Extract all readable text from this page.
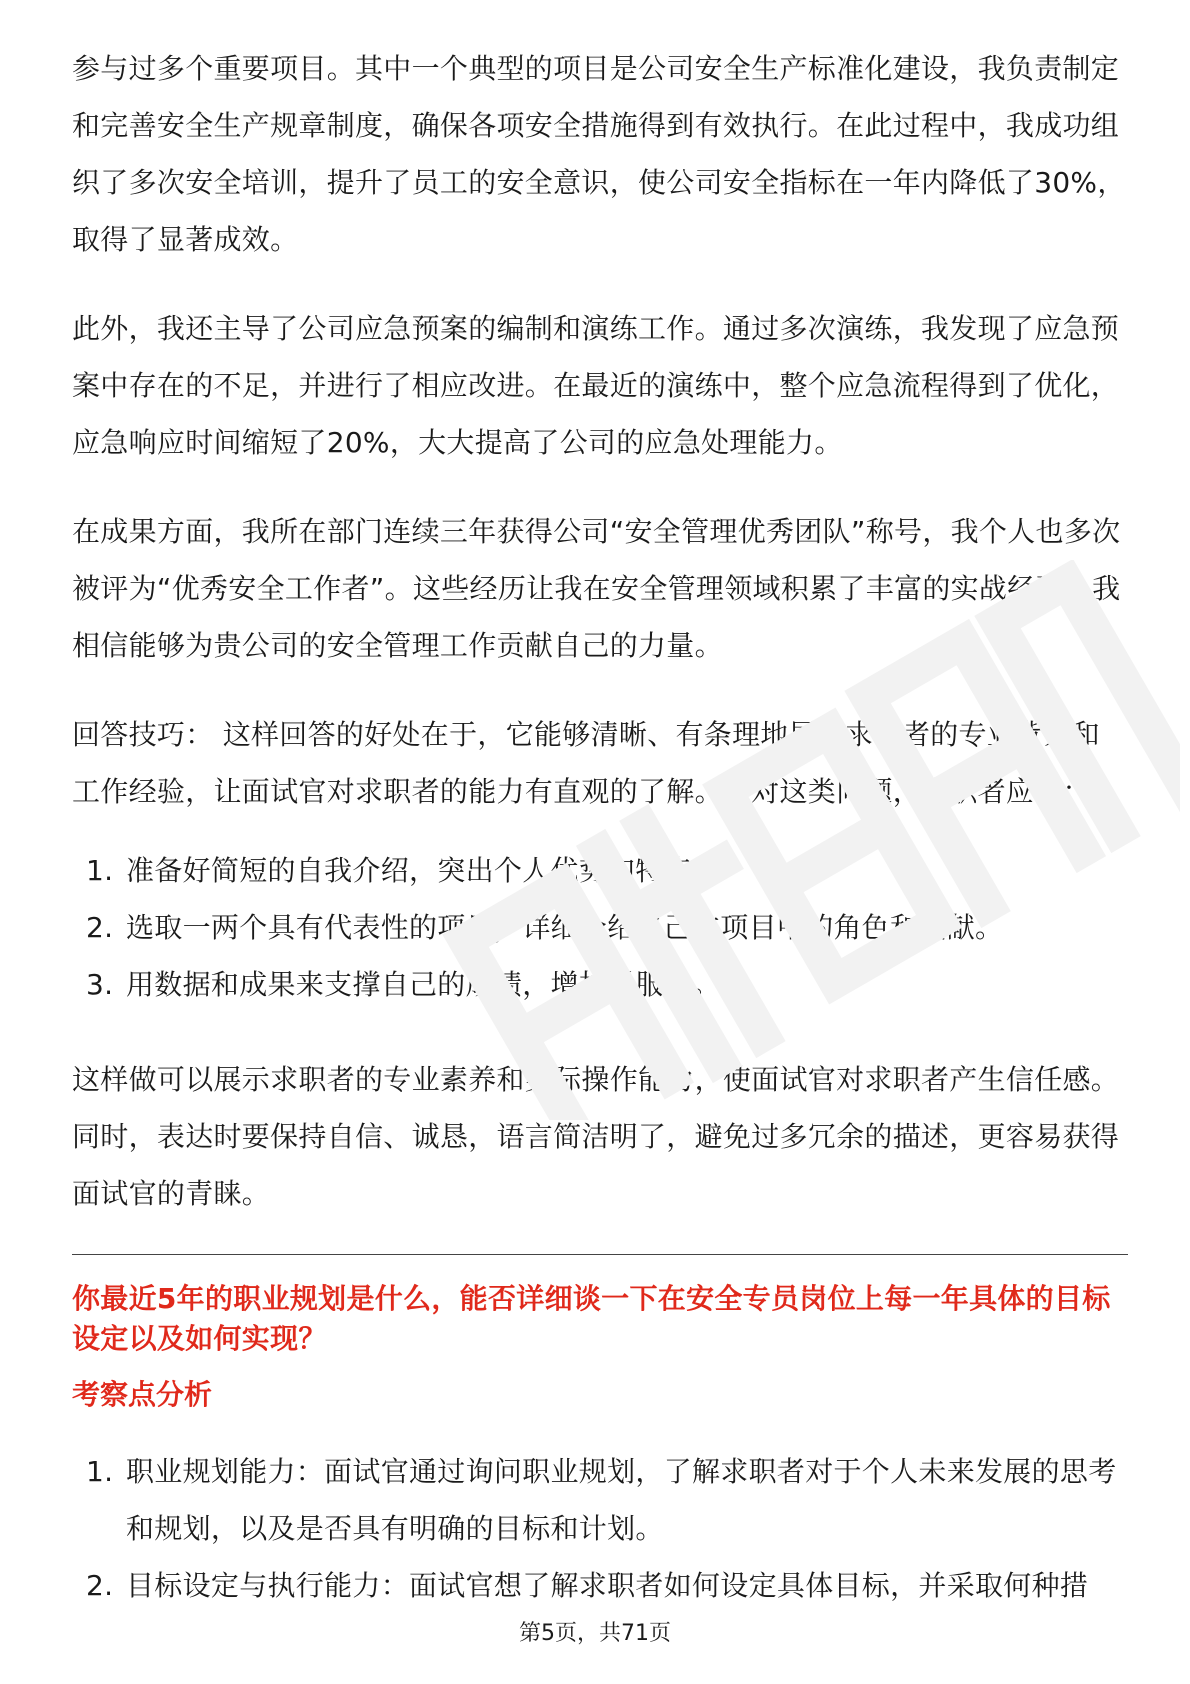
参与过多个重要项目。其中一个典型的项目是公司安全生产标准化建设，我负责制定和完善安全生产规章制度，确保各项安全措施得到有效执行。在此过程中，我成功组织了多次安全培训，提升了员工的安全意识，使公司安全指标在一年内降低了30%，取得了显著成效。

此外，我还主导了公司应急预案的编制和演练工作。通过多次演练，我发现了应急预案中存在的不足，并进行了相应改进。在最近的演练中，整个应急流程得到了优化，应急响应时间缩短了20%，大大提高了公司的应急处理能力。

在成果方面，我所在部门连续三年获得公司“安全管理优秀团队”称号，我个人也多次被评为“优秀安全工作者”。这些经历让我在安全管理领域积累了丰富的实战经验，我相信能够为贵公司的安全管理工作贡献自己的力量。

回答技巧： 这样回答的好处在于，它能够清晰、有条理地展示求职者的专业背景和工作经验，让面试官对求职者的能力有直观的了解。针对这类问题，求职者应该：

1. 准备好简短的自我介绍，突出个人优势和特点。
2. 选取一两个具有代表性的项目，详细介绍自己在项目中的角色和贡献。
3. 用数据和成果来支撑自己的成绩，增加说服力。

这样做可以展示求职者的专业素养和实际操作能力，使面试官对求职者产生信任感。同时，表达时要保持自信、诚恳，语言简洁明了，避免过多冗余的描述，更容易获得面试官的青睐。

你最近5年的职业规划是什么，能否详细谈一下在安全专员岗位上每一年具体的目标设定以及如何实现？
考察点分析
1. 职业规划能力：面试官通过询问职业规划，了解求职者对于个人未来发展的思考和规划，以及是否具有明确的目标和计划。
2. 目标设定与执行能力：面试官想了解求职者如何设定具体目标，并采取何种措
第5页，共71页
